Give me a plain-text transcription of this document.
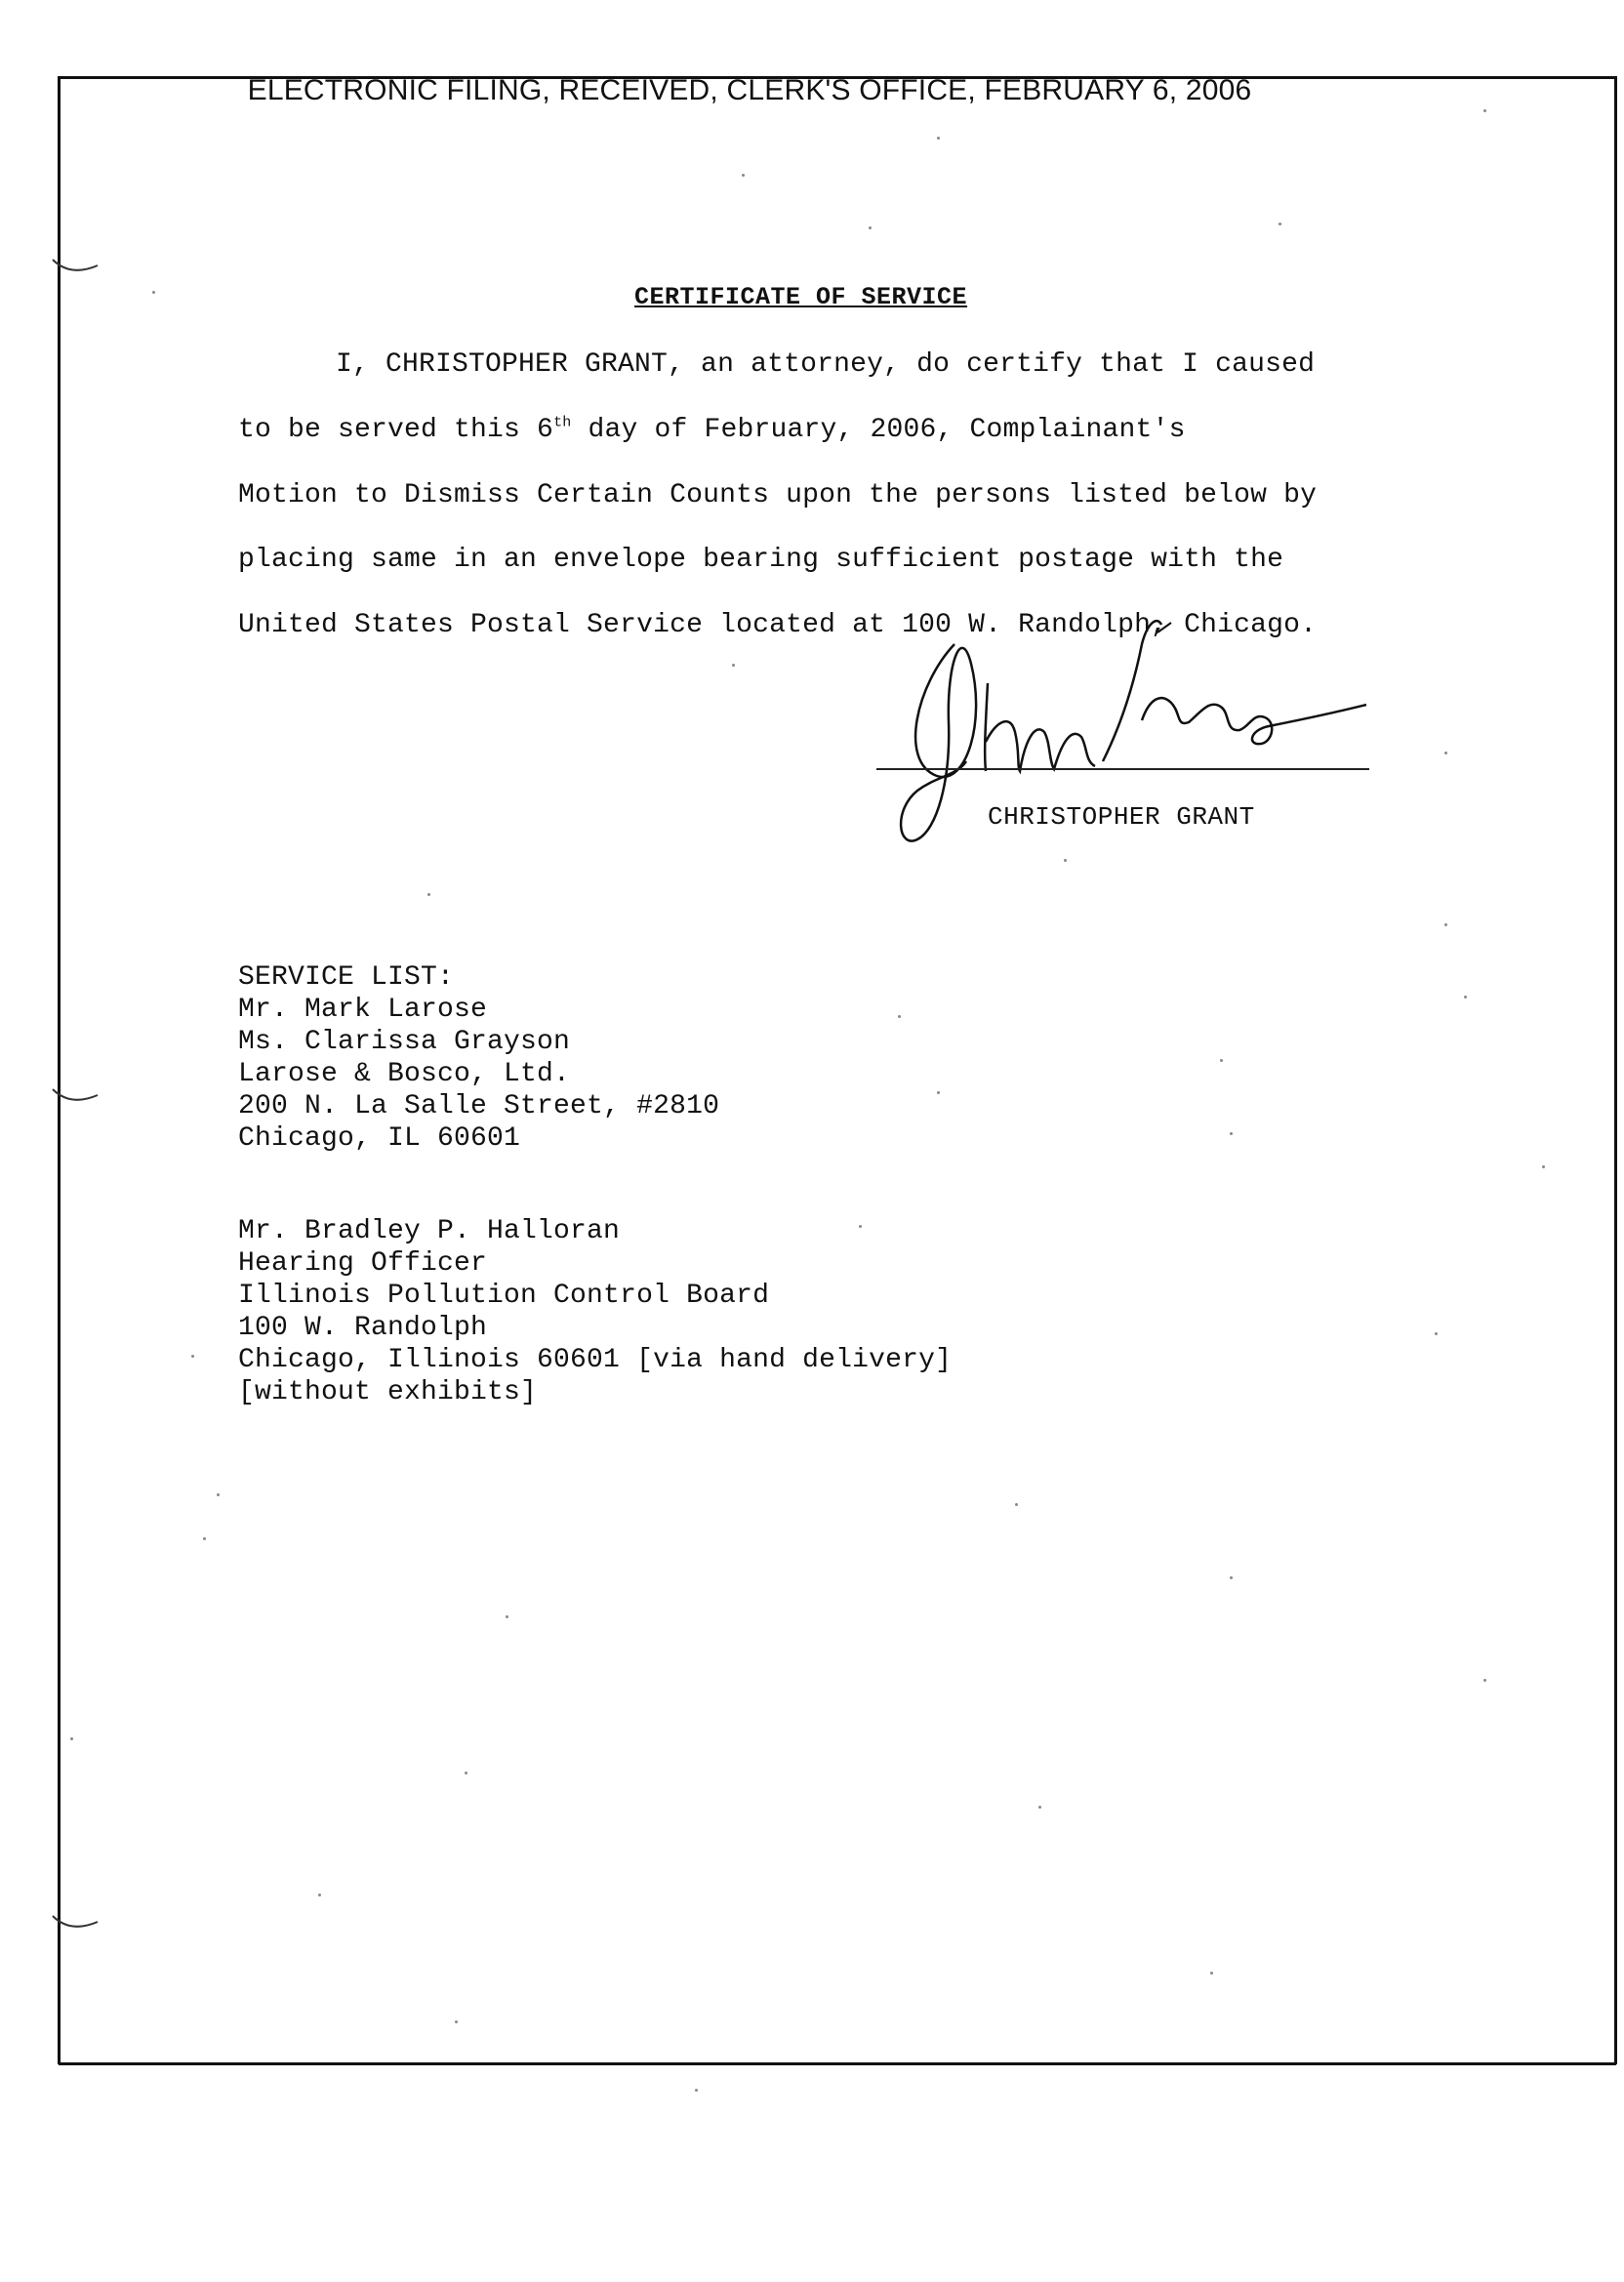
ELECTRONIC FILING, RECEIVED, CLERK'S OFFICE, FEBRUARY 6, 2006
CERTIFICATE OF SERVICE
I, CHRISTOPHER GRANT, an attorney, do certify that I caused
to be served this 6th day of February, 2006, Complainant's
Motion to Dismiss Certain Counts upon the persons listed below by
placing same in an envelope bearing sufficient postage with the
United States Postal Service located at 100 W. Randolph, Chicago.
CHRISTOPHER GRANT
SERVICE LIST:
Mr. Mark Larose
Ms. Clarissa Grayson
Larose & Bosco, Ltd.
200 N. La Salle Street, #2810
Chicago, IL 60601
Mr. Bradley P. Halloran
Hearing Officer
Illinois Pollution Control Board
100 W. Randolph
Chicago, Illinois 60601 [via hand delivery]
[without exhibits]
